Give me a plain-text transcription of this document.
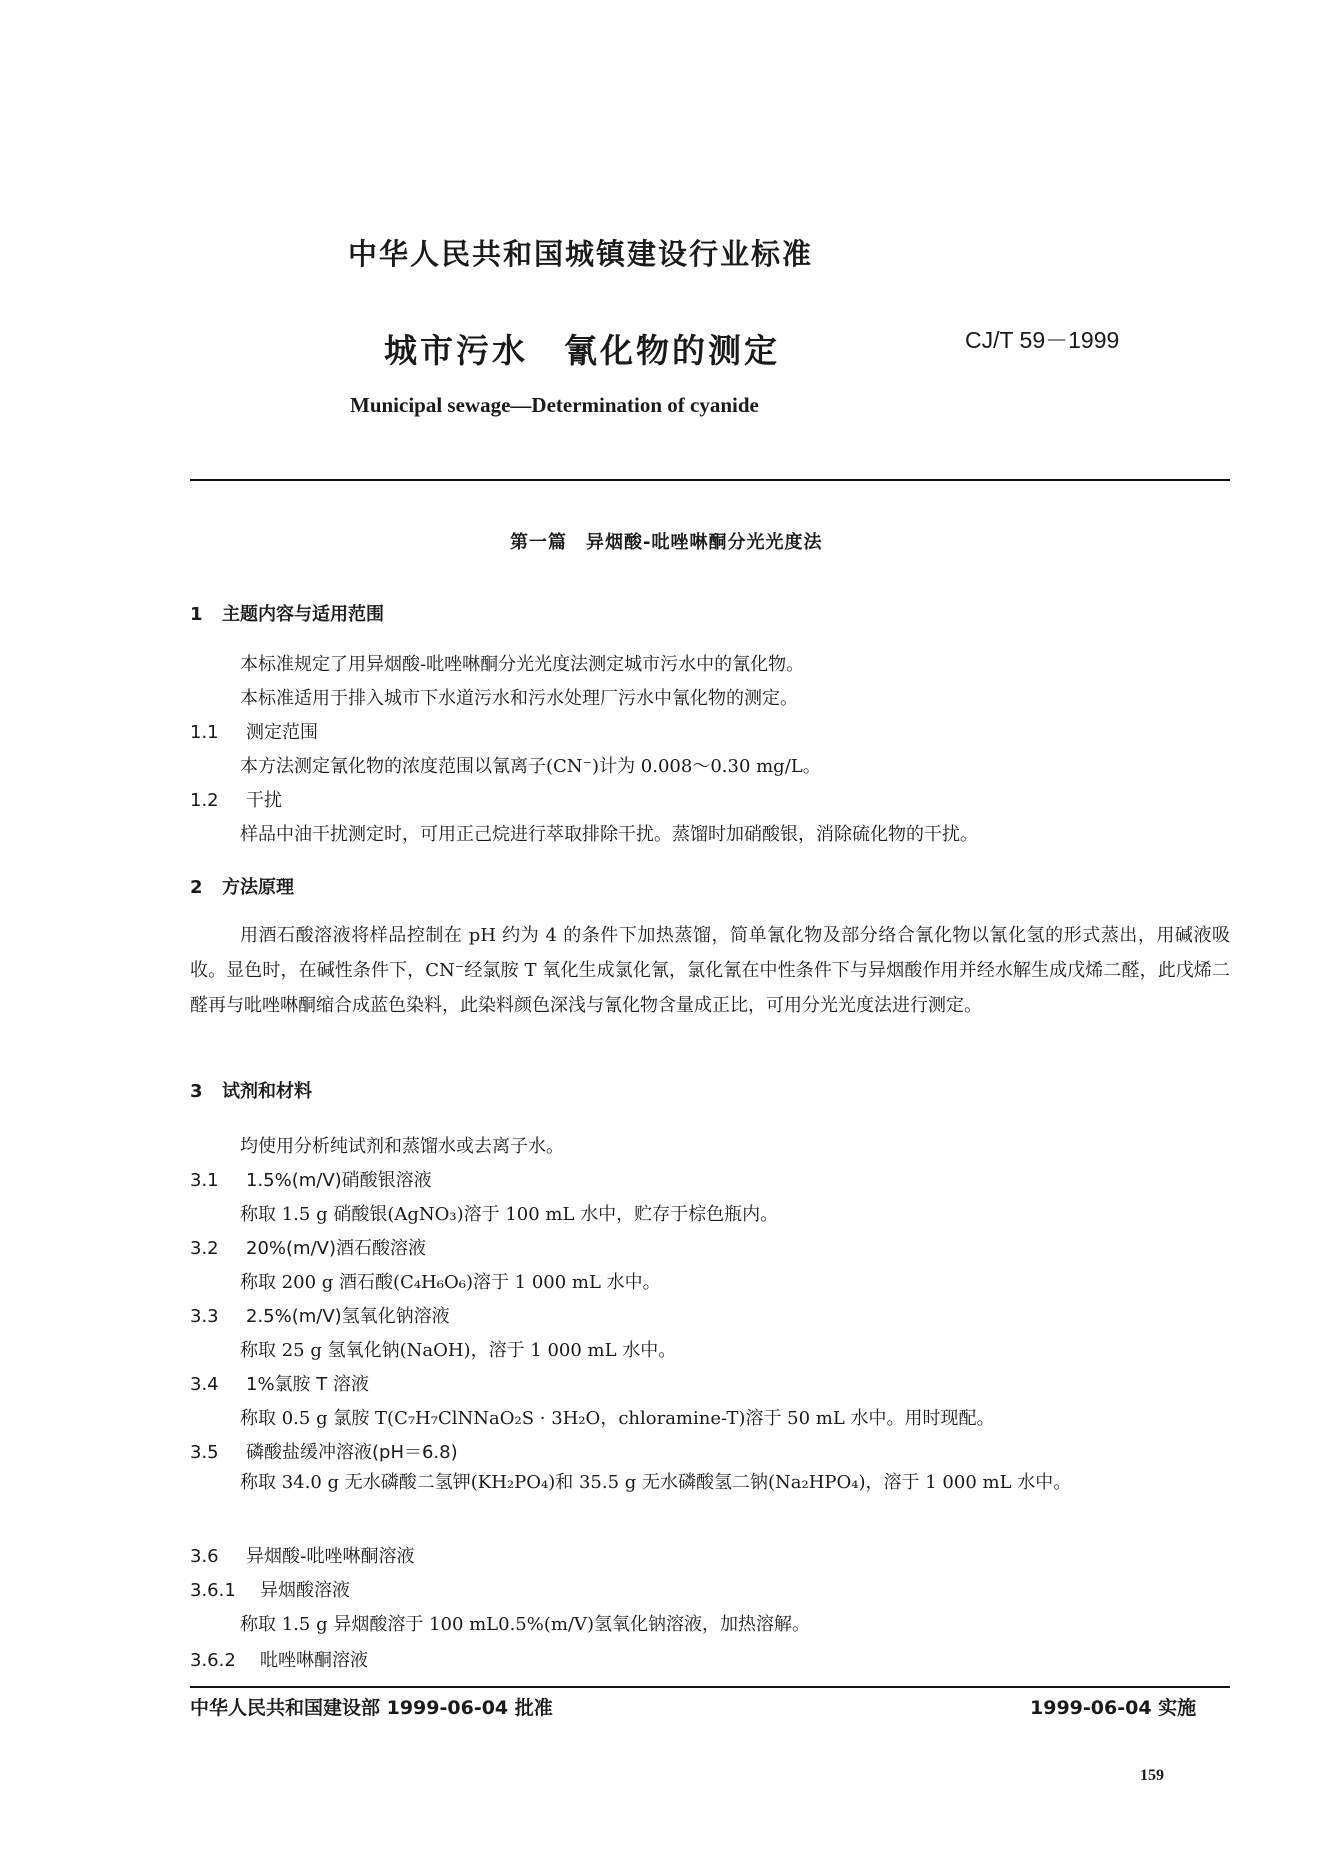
中华人民共和国城镇建设行业标准
城市污水　氰化物的测定	CJ/T 59－1999
Municipal sewage—Determination of cyanide
第一篇　异烟酸-吡唑啉酮分光光度法
1 主题内容与适用范围
本标准规定了用异烟酸-吡唑啉酮分光光度法测定城市污水中的氰化物。
本标准适用于排入城市下水道污水和污水处理厂污水中氰化物的测定。
1.1 测定范围
本方法测定氰化物的浓度范围以氰离子(CN⁻)计为 0.008～0.30 mg/L。
1.2 干扰
样品中油干扰测定时，可用正己烷进行萃取排除干扰。蒸馏时加硝酸银，消除硫化物的干扰。
2 方法原理
用酒石酸溶液将样品控制在 pH 约为 4 的条件下加热蒸馏，简单氰化物及部分络合氰化物以氰化氢的形式蒸出，用碱液吸收。显色时，在碱性条件下，CN⁻经氯胺 T 氧化生成氯化氰，氯化氰在中性条件下与异烟酸作用并经水解生成戊烯二醛，此戊烯二醛再与吡唑啉酮缩合成蓝色染料，此染料颜色深浅与氰化物含量成正比，可用分光光度法进行测定。
3 试剂和材料
均使用分析纯试剂和蒸馏水或去离子水。
3.1 1.5%(m/V)硝酸银溶液
称取 1.5 g 硝酸银(AgNO₃)溶于 100 mL 水中，贮存于棕色瓶内。
3.2 20%(m/V)酒石酸溶液
称取 200 g 酒石酸(C₄H₆O₆)溶于 1 000 mL 水中。
3.3 2.5%(m/V)氢氧化钠溶液
称取 25 g 氢氧化钠(NaOH)，溶于 1 000 mL 水中。
3.4 1%氯胺 T 溶液
称取 0.5 g 氯胺 T(C₇H₇ClNNaO₂S · 3H₂O，chloramine-T)溶于 50 mL 水中。用时现配。
3.5 磷酸盐缓冲溶液(pH＝6.8)
称取 34.0 g 无水磷酸二氢钾(KH₂PO₄)和 35.5 g 无水磷酸氢二钠(Na₂HPO₄)，溶于 1 000 mL 水中。
3.6 异烟酸-吡唑啉酮溶液
3.6.1 异烟酸溶液
称取 1.5 g 异烟酸溶于 100 mL0.5%(m/V)氢氧化钠溶液，加热溶解。
3.6.2 吡唑啉酮溶液
中华人民共和国建设部 1999-06-04 批准	1999-06-04 实施
159
